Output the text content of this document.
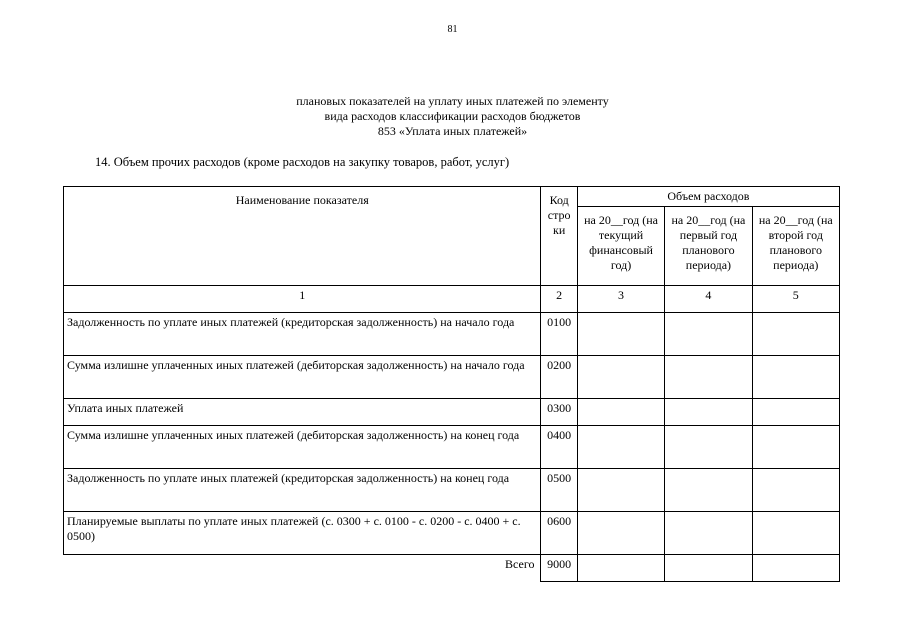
81
плановых показателей на уплату иных платежей по элементу
вида расходов классификации расходов бюджетов
853 «Уплата иных платежей»
14. Объем прочих расходов (кроме расходов на закупку товаров, работ, услуг)
Наименование показателя	Код стро ки	Объем расходов		
		на 20__год (на текущий финансовый год)	на 20__год (на первый год планового периода)	на 20__год (на второй год планового периода)
1	2	3	4	5
Задолженность по уплате иных платежей (кредиторская задолженность) на начало года	0100			
Сумма излишне уплаченных иных платежей (дебиторская задолженность) на начало года	0200			
Уплата иных платежей	0300			
Сумма излишне уплаченных иных платежей (дебиторская задолженность) на конец года	0400			
Задолженность по уплате иных платежей (кредиторская задолженность) на конец года	0500			
Планируемые выплаты по уплате иных платежей (с. 0300 + с. 0100 - с. 0200 - с. 0400 + с. 0500)	0600			
Всего	9000			
